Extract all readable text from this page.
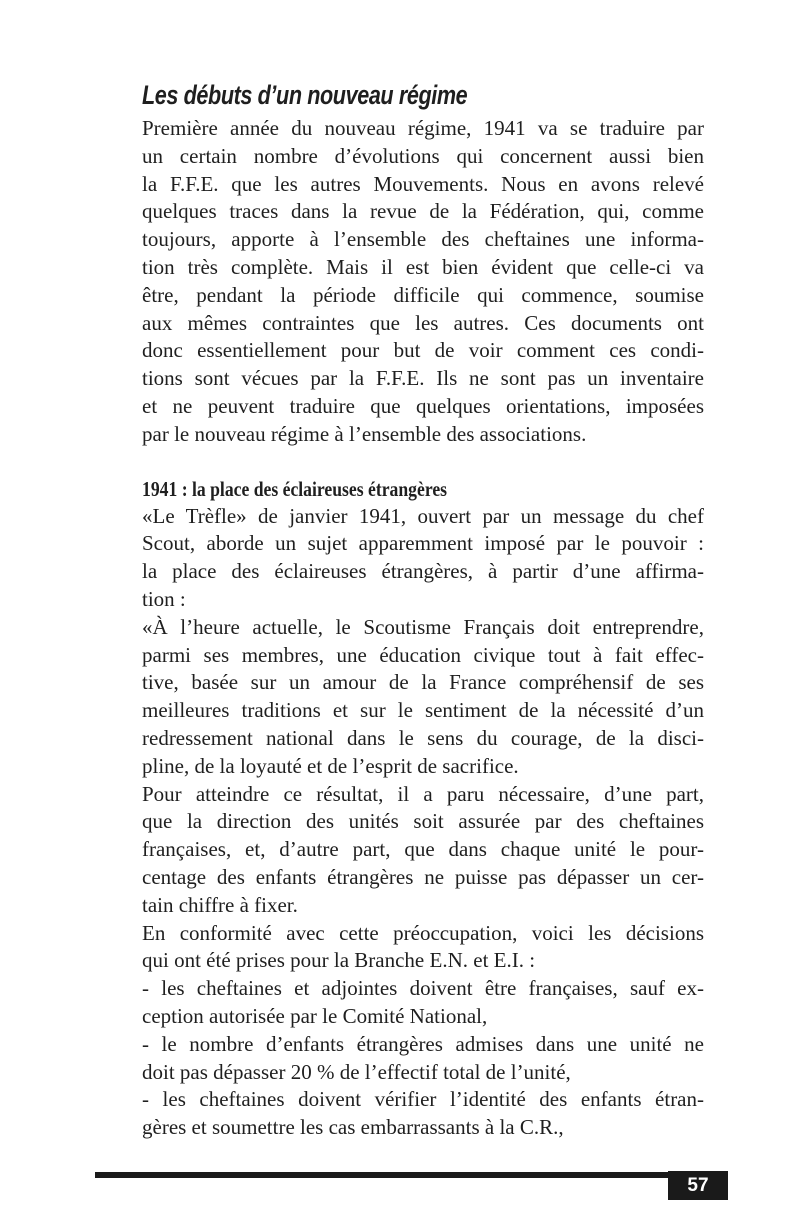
Les débuts d’un nouveau régime
Première année du nouveau régime, 1941 va se traduire par
un certain nombre d’évolutions qui concernent aussi bien
la F.F.E. que les autres Mouvements. Nous en avons relevé
quelques traces dans la revue de la Fédération, qui, comme
toujours, apporte à l’ensemble des cheftaines une informa-
tion très complète. Mais il est bien évident que celle-ci va
être, pendant la période difficile qui commence, soumise
aux mêmes contraintes que les autres. Ces documents ont
donc essentiellement pour but de voir comment ces condi-
tions sont vécues par la F.F.E. Ils ne sont pas un inventaire
et ne peuvent traduire que quelques orientations, imposées
par le nouveau régime à l’ensemble des associations.
1941 : la place des éclaireuses étrangères
«Le Trèfle» de janvier 1941, ouvert par un message du chef
Scout, aborde un sujet apparemment imposé par le pouvoir :
la place des éclaireuses étrangères, à partir d’une affirma-
tion :
«À l’heure actuelle, le Scoutisme Français doit entreprendre,
parmi ses membres, une éducation civique tout à fait effec-
tive, basée sur un amour de la France compréhensif de ses
meilleures traditions et sur le sentiment de la nécessité d’un
redressement national dans le sens du courage, de la disci-
pline, de la loyauté et de l’esprit de sacrifice.
Pour atteindre ce résultat, il a paru nécessaire, d’une part,
que la direction des unités soit assurée par des cheftaines
françaises, et, d’autre part, que dans chaque unité le pour-
centage des enfants étrangères ne puisse pas dépasser un cer-
tain chiffre à fixer.
En conformité avec cette préoccupation, voici les décisions
qui ont été prises pour la Branche E.N. et E.I. :
- les cheftaines et adjointes doivent être françaises, sauf ex-
ception autorisée par le Comité National,
- le nombre d’enfants étrangères admises dans une unité ne
doit pas dépasser 20 % de l’effectif total de l’unité,
- les cheftaines doivent vérifier l’identité des enfants étran-
gères et soumettre les cas embarrassants à la C.R.,
57
